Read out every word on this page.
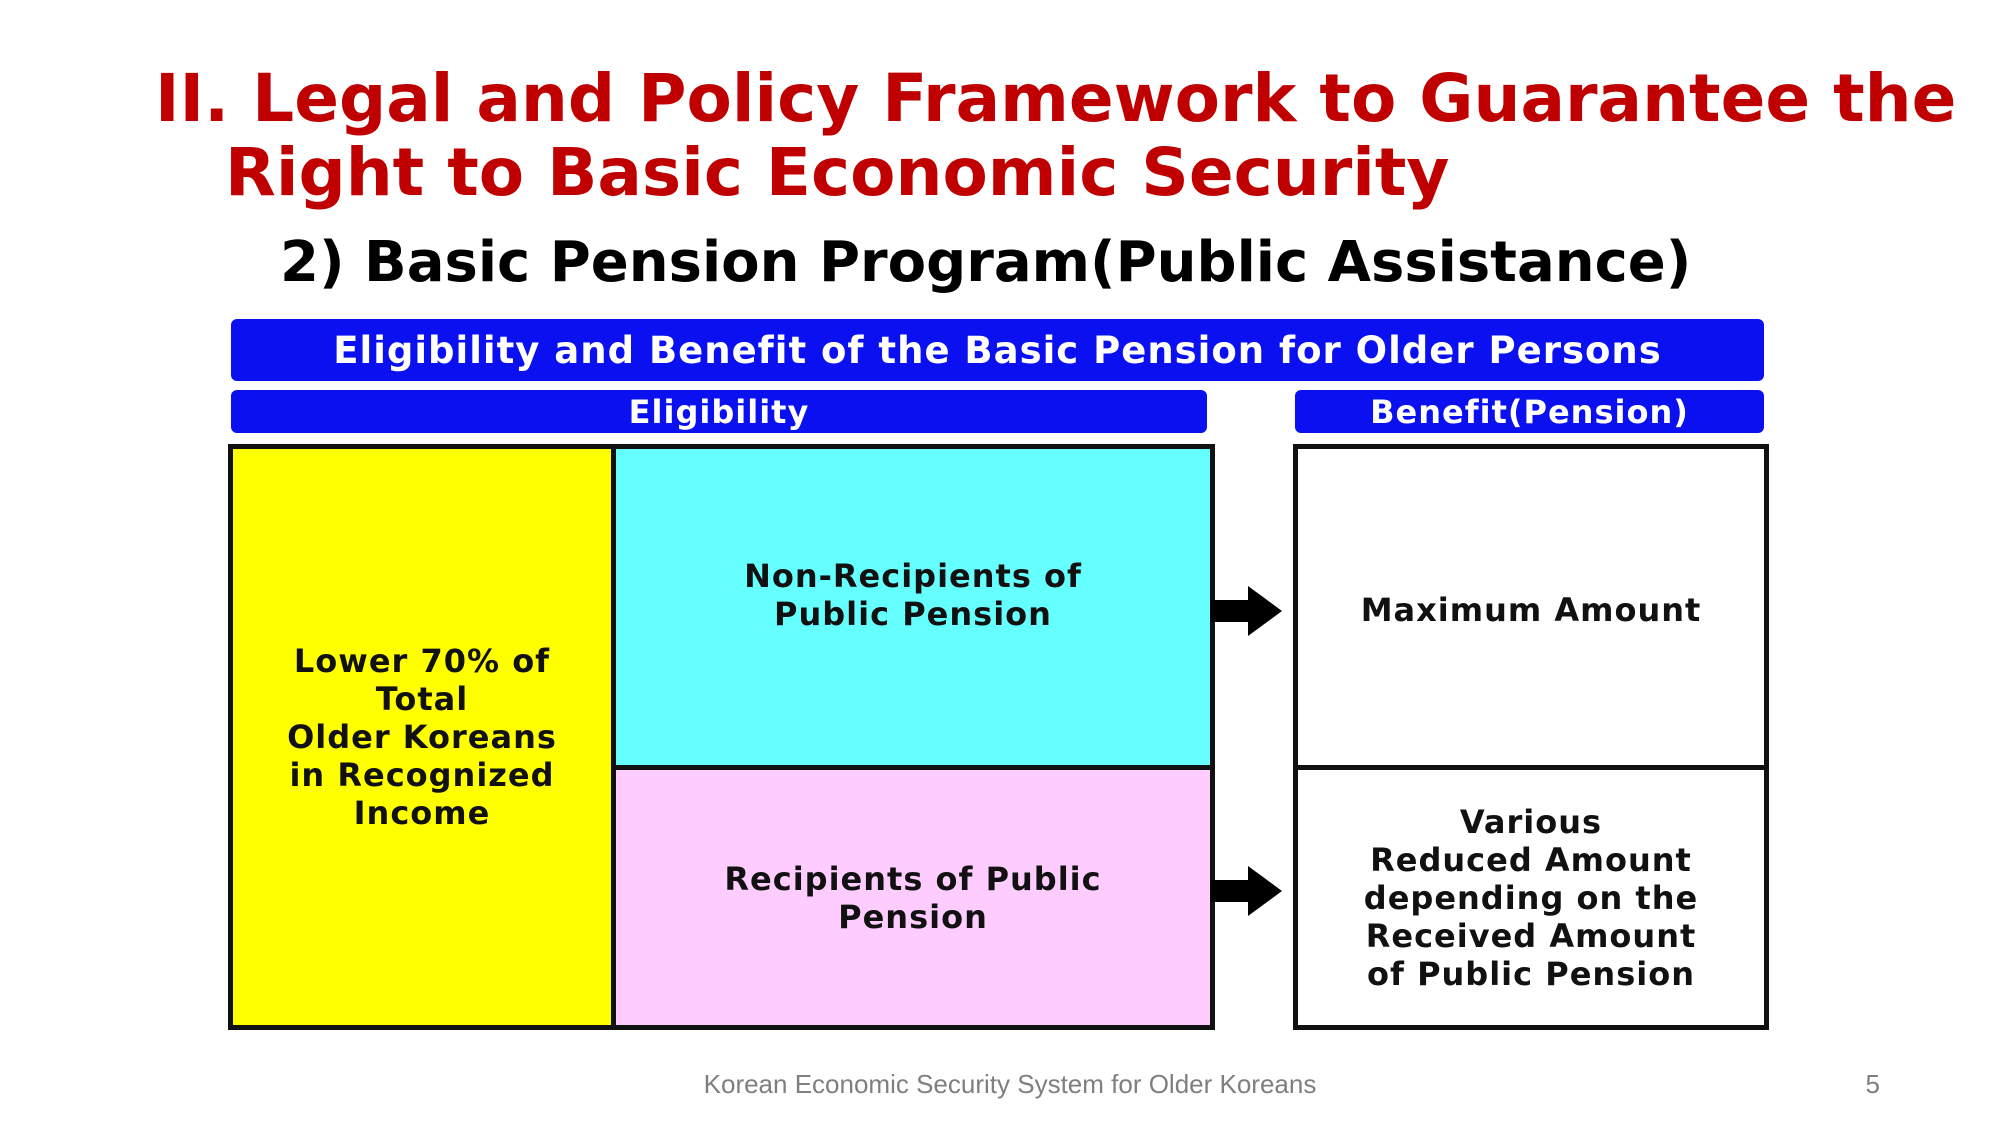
II. Legal and Policy Framework to Guarantee the
Right to Basic Economic Security
2) Basic Pension Program(Public Assistance)
Eligibility and Benefit of the Basic Pension for Older Persons
Eligibility	Benefit(Pension)
Lower 70% of
Total
Older Koreans
in Recognized
Income
Non-Recipients of
Public Pension
Recipients of Public
Pension
Maximum Amount
Various
Reduced Amount
depending on the
Received Amount
of Public Pension
Korean Economic Security System for Older Koreans	5
